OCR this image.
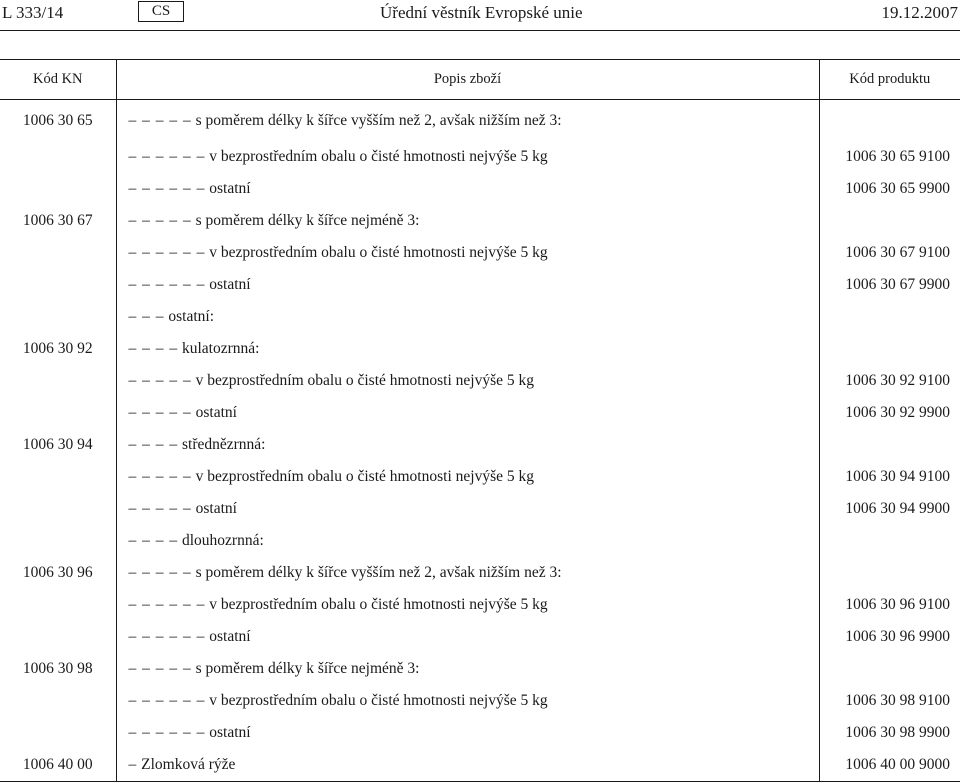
L 333/14	CS	Úřední věstník Evropské unie	19.12.2007
Kód KN	Popis zboží	Kód produktu
1006 30 65	– – – – – s poměrem délky k šířce vyšším než 2, avšak nižším než 3:	
	– – – – – – v bezprostředním obalu o čisté hmotnosti nejvýše 5 kg	1006 30 65 9100
	– – – – – – ostatní	1006 30 65 9900
1006 30 67	– – – – – s poměrem délky k šířce nejméně 3:	
	– – – – – – v bezprostředním obalu o čisté hmotnosti nejvýše 5 kg	1006 30 67 9100
	– – – – – – ostatní	1006 30 67 9900
	– – – ostatní:	
1006 30 92	– – – – kulatozrnná:	
	– – – – – v bezprostředním obalu o čisté hmotnosti nejvýše 5 kg	1006 30 92 9100
	– – – – – ostatní	1006 30 92 9900
1006 30 94	– – – – střednězrnná:	
	– – – – – v bezprostředním obalu o čisté hmotnosti nejvýše 5 kg	1006 30 94 9100
	– – – – – ostatní	1006 30 94 9900
	– – – – dlouhozrnná:	
1006 30 96	– – – – – s poměrem délky k šířce vyšším než 2, avšak nižším než 3:	
	– – – – – – v bezprostředním obalu o čisté hmotnosti nejvýše 5 kg	1006 30 96 9100
	– – – – – – ostatní	1006 30 96 9900
1006 30 98	– – – – – s poměrem délky k šířce nejméně 3:	
	– – – – – – v bezprostředním obalu o čisté hmotnosti nejvýše 5 kg	1006 30 98 9100
	– – – – – – ostatní	1006 30 98 9900
1006 40 00	– Zlomková rýže	1006 40 00 9000
